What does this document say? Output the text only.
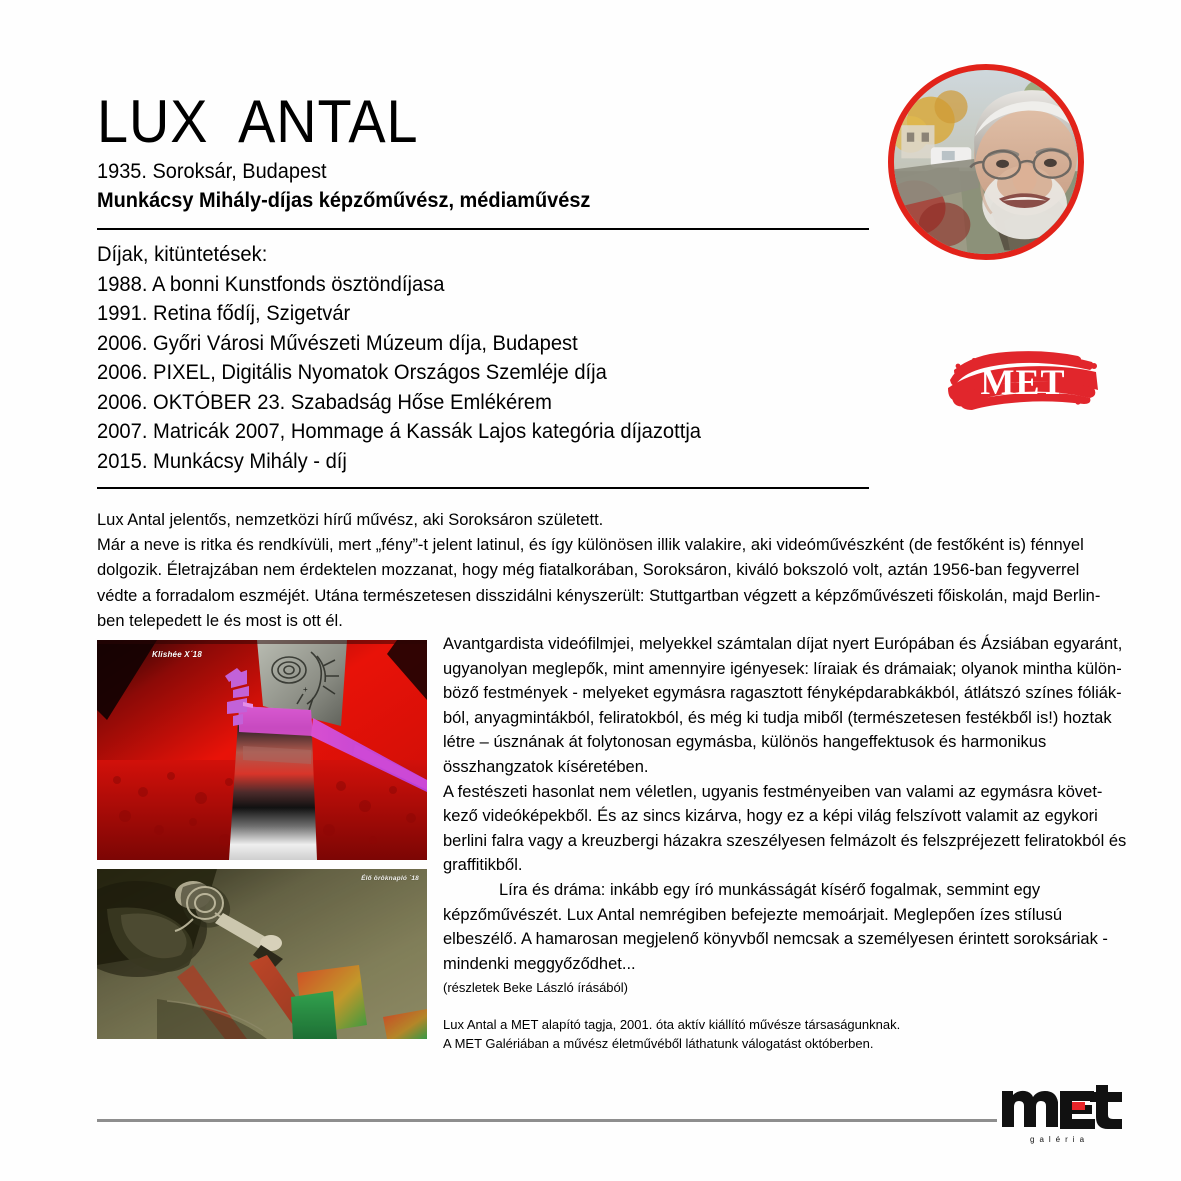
LUX  ANTAL
1935. Soroksár, Budapest
Munkácsy Mihály-díjas képzőművész, médiaművész
MET
Díjak, kitüntetések:
1988. A bonni Kunstfonds ösztöndíjasa
1991. Retina fődíj, Szigetvár
2006. Győri Városi Művészeti Múzeum díja, Budapest
2006. PIXEL, Digitális Nyomatok Országos Szemléje díja
2006. OKTÓBER 23. Szabadság Hőse Emlékérem
2007. Matricák 2007, Hommage á Kassák Lajos kategória díjazottja
2015. Munkácsy Mihály - díj
Lux Antal jelentős, nemzetközi hírű művész, aki Soroksáron született.
Már a neve is ritka és rendkívüli, mert „fény”-t jelent latinul, és így különösen illik valakire, aki videóművészként (de festőként is) fénnyel
dolgozik. Életrajzában nem érdektelen mozzanat, hogy még fiatalkorában, Soroksáron, kiváló bokszoló volt, aztán 1956-ban fegyverrel
védte a forradalom eszméjét. Utána természetesen disszidálni kényszerült: Stuttgartban végzett a képzőművészeti főiskolán, majd Berlin-
ben telepedett le és most is ott él.
+
Klishée X´18
Élő öröknapló ´18

Avantgardista videófilmjei, melyekkel számtalan díjat nyert Európában és Ázsiában egyaránt,
ugyanolyan meglepők, mint amennyire igényesek: líraiak és drámaiak; olyanok mintha külön-
böző festmények - melyeket egymásra ragasztott fényképdarabkákból, átlátszó színes fóliák-
ból, anyagmintákból, feliratokból, és még ki tudja miből (természetesen festékből is!) hoztak
létre – úsznának át folytonosan egymásba, különös hangeffektusok és harmonikus
összhangzatok kíséretében.

A festészeti hasonlat nem véletlen, ugyanis festményeiben van valami az egymásra követ-
kező videóképekből. És az sincs kizárva, hogy ez a képi világ felszívott valamit az egykori
berlini falra vagy a kreuzbergi házakra szeszélyesen felmázolt és felszpréjezett feliratokból és
graffitikből.

Líra és dráma: inkább egy író munkásságát kísérő fogalmak, semmint egy
képzőművészét. Lux Antal nemrégiben befejezte memoárjait. Meglepően ízes stílusú
elbeszélő. A hamarosan megjelenő könyvből nemcsak a személyesen érintett soroksáriak -
mindenki meggyőződhet...

(részletek Beke László írásából)
Lux Antal a MET alapító tagja, 2001. óta aktív kiállító művésze társaságunknak.
A MET Galériában a művész életművéből láthatunk válogatást októberben.
galéria
